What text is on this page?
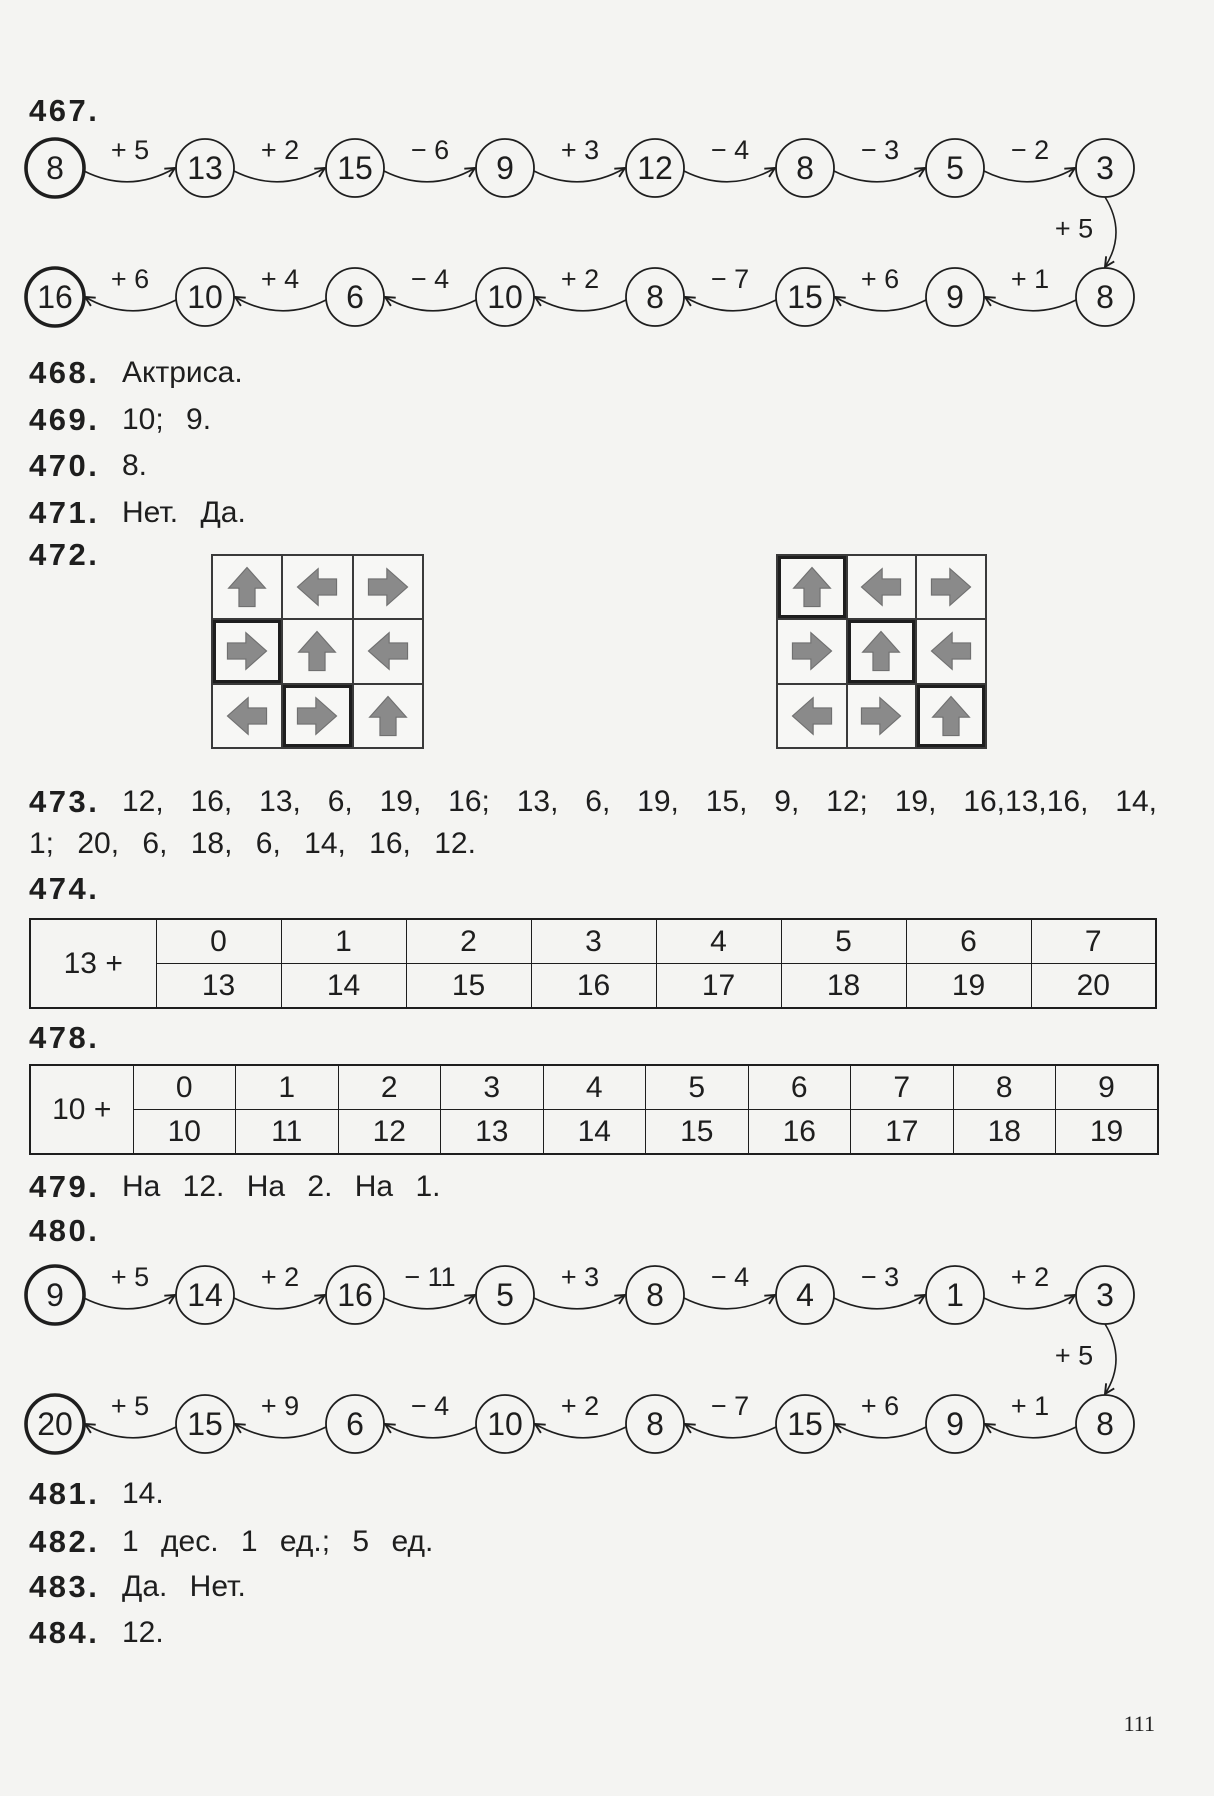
467.
+ 5	+ 2	− 6	+ 3	− 4	− 3	− 2
8	13	15	9	12	8	5	3
+ 6	+ 4	− 4	+ 2	− 7	+ 6	+ 1
16	10	6	10	8	15	9	8
+ 5
468. Актриса.
469. 10; 9.
470. 8.
471. Нет. Да.
472.
473. 12, 16, 13, 6, 19, 16; 13, 6, 19, 15, 9, 12; 19, 16,13,16, 14,
1; 20, 6, 18, 6, 14, 16, 12.
474.
13 +	0	1	2	3	4	5	6	7
	13	14	15	16	17	18	19	20
478.
10 +	0	1	2	3	4	5	6	7	8	9
	10	11	12	13	14	15	16	17	18	19
479. На 12. На 2. На 1.
480.
+ 5	+ 2	− 11	+ 3	− 4	− 3	+ 2
9	14	16	5	8	4	1	3
+ 5	+ 9	− 4	+ 2	− 7	+ 6	+ 1
20	15	6	10	8	15	9	8
+ 5
481. 14.
482. 1 дес. 1 ед.; 5 ед.
483. Да. Нет.
484. 12.
111
